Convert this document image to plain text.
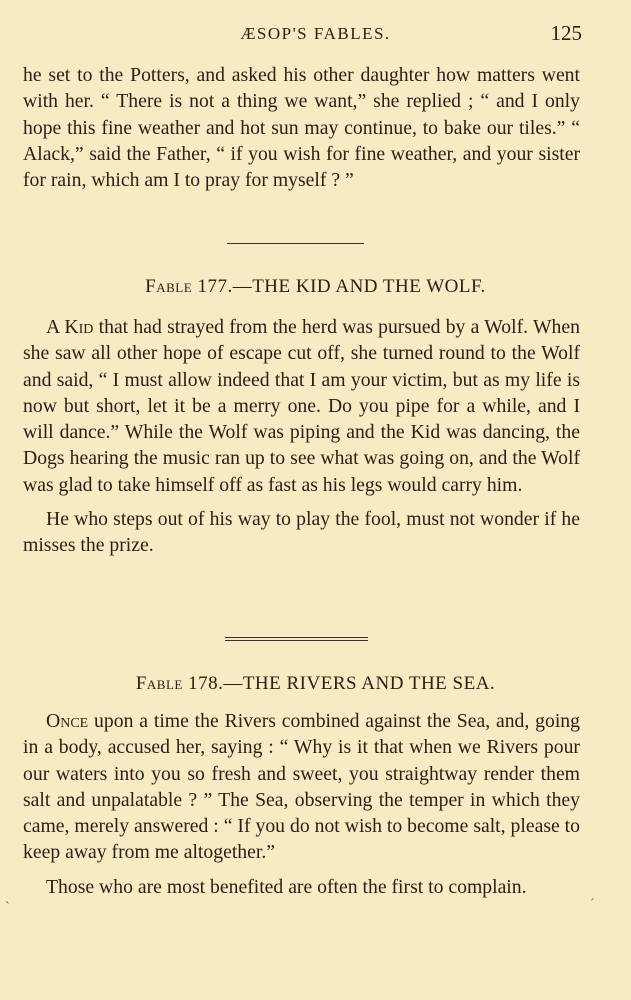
ÆSOP'S FABLES.	125

he set to the Potters, and asked his other daughter how matters went with her. “ There is not a thing we want,” she replied ; “ and I only hope this fine weather and hot sun may continue, to bake our tiles.” “ Alack,” said the Father, “ if you wish for fine weather, and your sister for rain, which am I to pray for myself ? ”

Fable 177.—THE KID AND THE WOLF.

A Kid that had strayed from the herd was pursued by a Wolf. When she saw all other hope of escape cut off, she turned round to the Wolf and said, “ I must allow indeed that I am your victim, but as my life is now but short, let it be a merry one. Do you pipe for a while, and I will dance.” While the Wolf was piping and the Kid was dancing, the Dogs hearing the music ran up to see what was going on, and the Wolf was glad to take himself off as fast as his legs would carry him.

He who steps out of his way to play the fool, must not wonder if he misses the prize.

Fable 178.—THE RIVERS AND THE SEA.

Once upon a time the Rivers combined against the Sea, and, going in a body, accused her, saying : “ Why is it that when we Rivers pour our waters into you so fresh and sweet, you straightway render them salt and unpalatable ? ” The Sea, observing the temper in which they came, merely answered : “ If you do not wish to become salt, please to keep away from me altogether.”

Those who are most benefited are often the first to complain.

ˋ	ˊ
